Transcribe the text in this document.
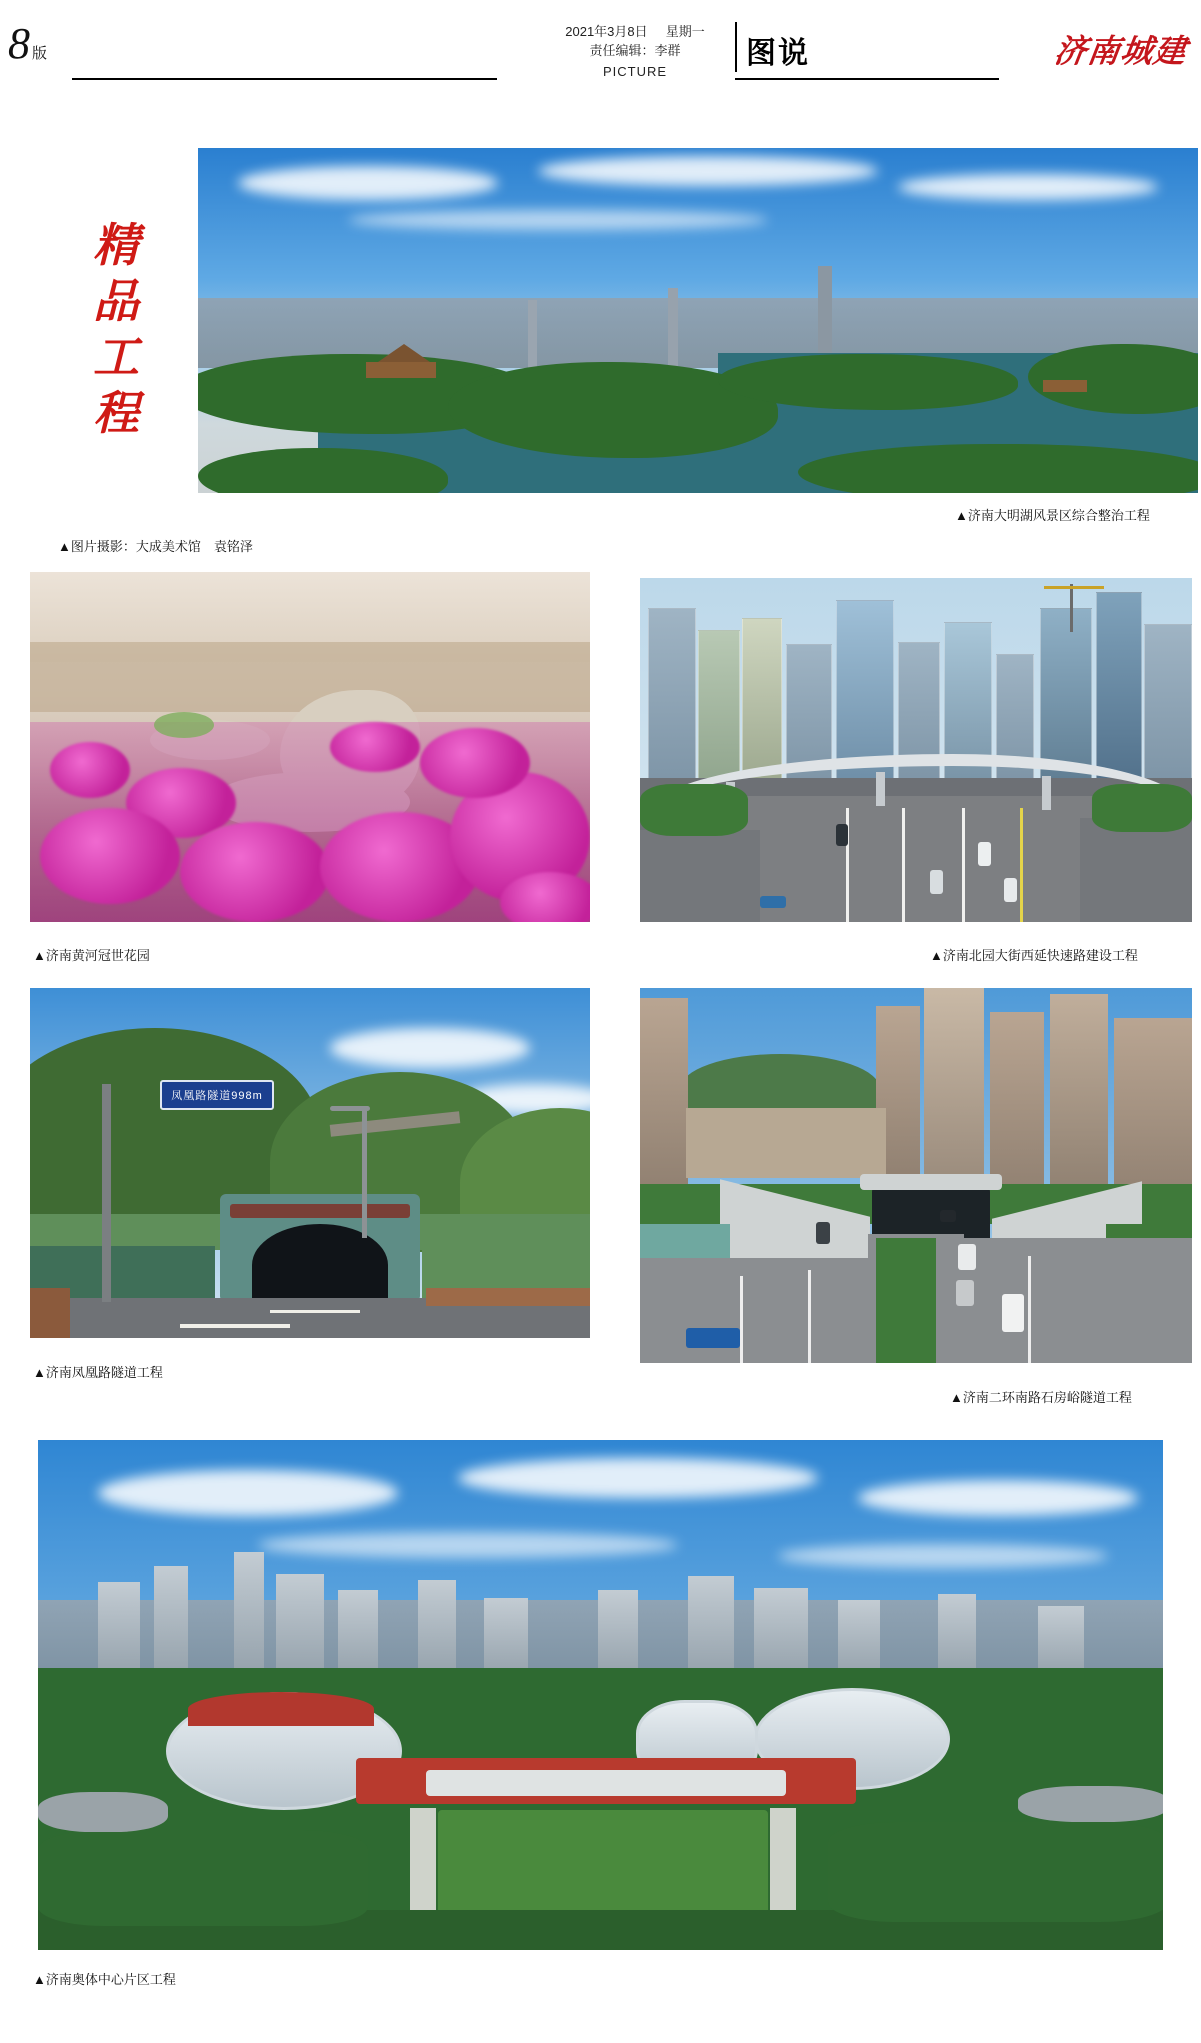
8 版
2021年3月8日 星期一
责任编辑：李群
PICTURE
图说	济南城建
精
品
工
程
▲济南大明湖风景区综合整治工程
▲图片摄影：大成美术馆　袁铭泽
▲济南黄河冠世花园	▲济南北园大街西延快速路建设工程
凤凰路隧道998m
▲济南凤凰路隧道工程
▲济南二环南路石房峪隧道工程
▲济南奥体中心片区工程
